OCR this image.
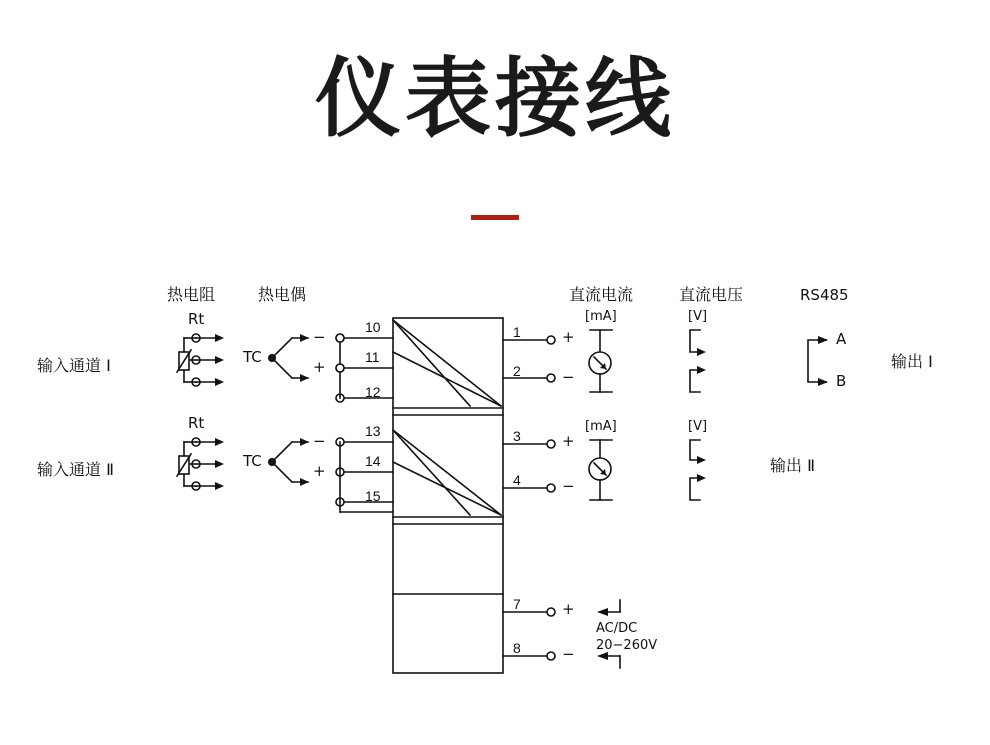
仪表接线
热电阻	热电偶	直流电流	直流电压	RS485
输入通道 Ⅰ
输入通道 Ⅱ
Rt
Rt
TC
TC
−
+
−
+
10
11
12
13
14
15
1
2
3
4
7
8
+
−
+
−
+
−
[mA]	[V]
[mA]	[V]
A
B
输出 Ⅰ
输出 Ⅱ
AC/DC
20−260V
